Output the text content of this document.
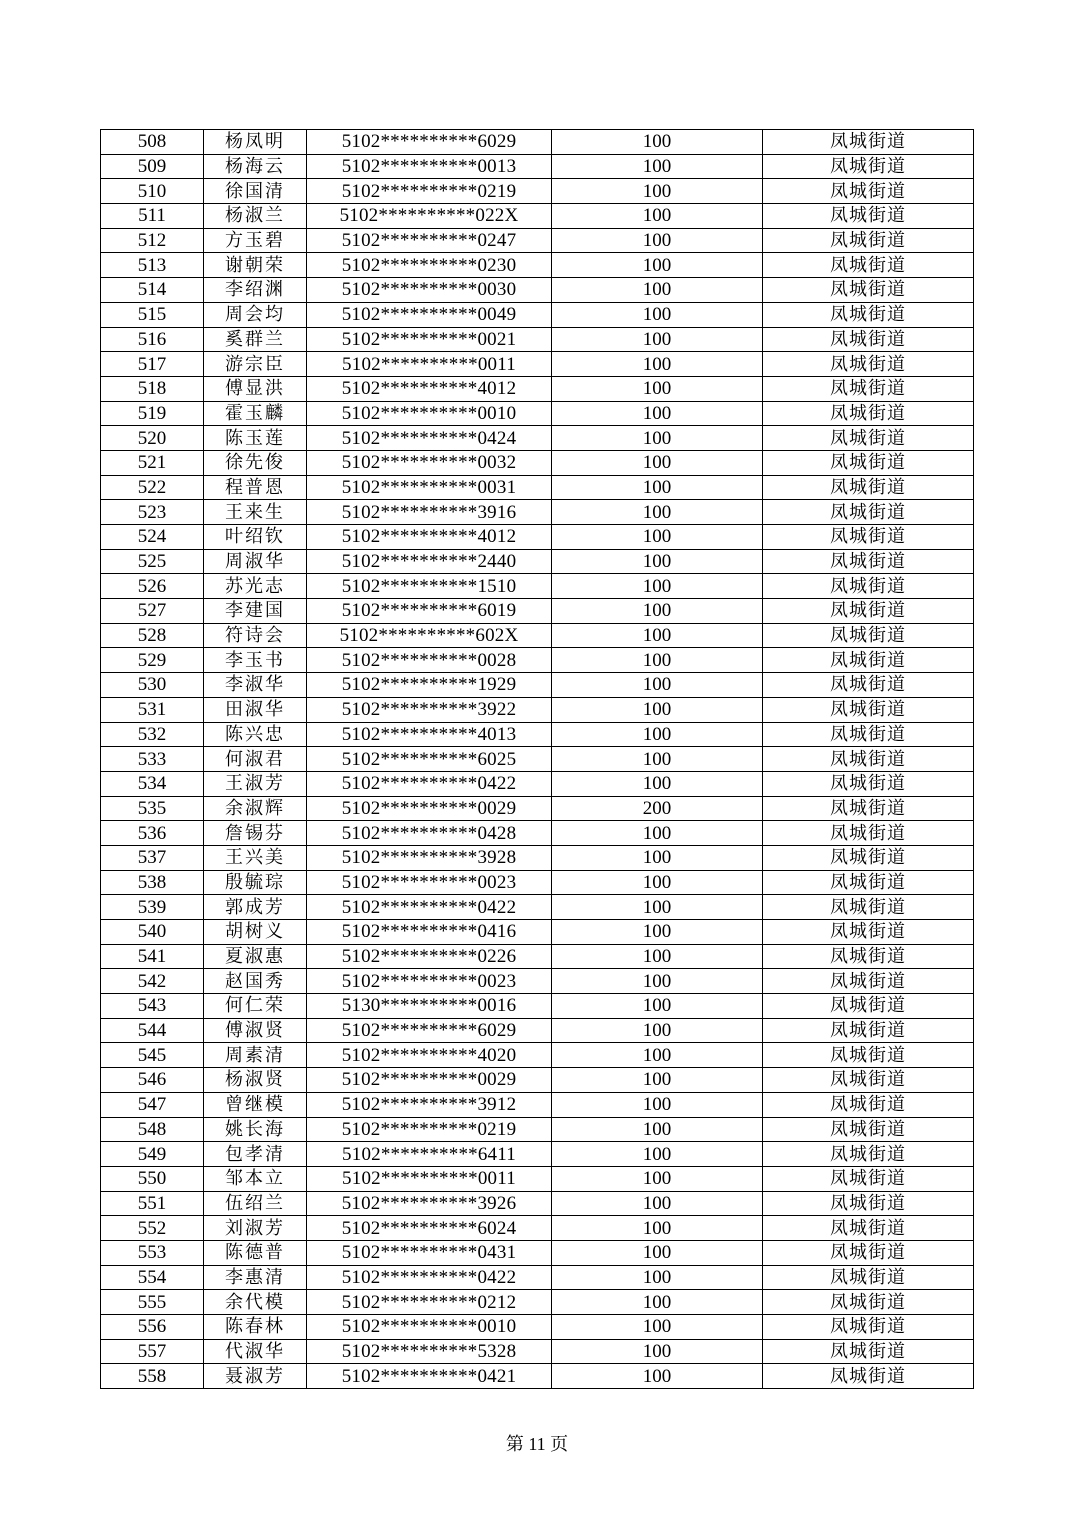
508	杨凤明	5102**********6029	100	凤城街道
509	杨海云	5102**********0013	100	凤城街道
510	徐国清	5102**********0219	100	凤城街道
511	杨淑兰	5102**********022X	100	凤城街道
512	方玉碧	5102**********0247	100	凤城街道
513	谢朝荣	5102**********0230	100	凤城街道
514	李绍渊	5102**********0030	100	凤城街道
515	周会均	5102**********0049	100	凤城街道
516	奚群兰	5102**********0021	100	凤城街道
517	游宗臣	5102**********0011	100	凤城街道
518	傅显洪	5102**********4012	100	凤城街道
519	霍玉麟	5102**********0010	100	凤城街道
520	陈玉莲	5102**********0424	100	凤城街道
521	徐先俊	5102**********0032	100	凤城街道
522	程普恩	5102**********0031	100	凤城街道
523	王来生	5102**********3916	100	凤城街道
524	叶绍钦	5102**********4012	100	凤城街道
525	周淑华	5102**********2440	100	凤城街道
526	苏光志	5102**********1510	100	凤城街道
527	李建国	5102**********6019	100	凤城街道
528	符诗会	5102**********602X	100	凤城街道
529	李玉书	5102**********0028	100	凤城街道
530	李淑华	5102**********1929	100	凤城街道
531	田淑华	5102**********3922	100	凤城街道
532	陈兴忠	5102**********4013	100	凤城街道
533	何淑君	5102**********6025	100	凤城街道
534	王淑芳	5102**********0422	100	凤城街道
535	余淑辉	5102**********0029	200	凤城街道
536	詹锡芬	5102**********0428	100	凤城街道
537	王兴美	5102**********3928	100	凤城街道
538	殷毓琮	5102**********0023	100	凤城街道
539	郭成芳	5102**********0422	100	凤城街道
540	胡树义	5102**********0416	100	凤城街道
541	夏淑惠	5102**********0226	100	凤城街道
542	赵国秀	5102**********0023	100	凤城街道
543	何仁荣	5130**********0016	100	凤城街道
544	傅淑贤	5102**********6029	100	凤城街道
545	周素清	5102**********4020	100	凤城街道
546	杨淑贤	5102**********0029	100	凤城街道
547	曾继模	5102**********3912	100	凤城街道
548	姚长海	5102**********0219	100	凤城街道
549	包孝清	5102**********6411	100	凤城街道
550	邹本立	5102**********0011	100	凤城街道
551	伍绍兰	5102**********3926	100	凤城街道
552	刘淑芳	5102**********6024	100	凤城街道
553	陈德普	5102**********0431	100	凤城街道
554	李惠清	5102**********0422	100	凤城街道
555	余代模	5102**********0212	100	凤城街道
556	陈春林	5102**********0010	100	凤城街道
557	代淑华	5102**********5328	100	凤城街道
558	聂淑芳	5102**********0421	100	凤城街道
第 11 页
